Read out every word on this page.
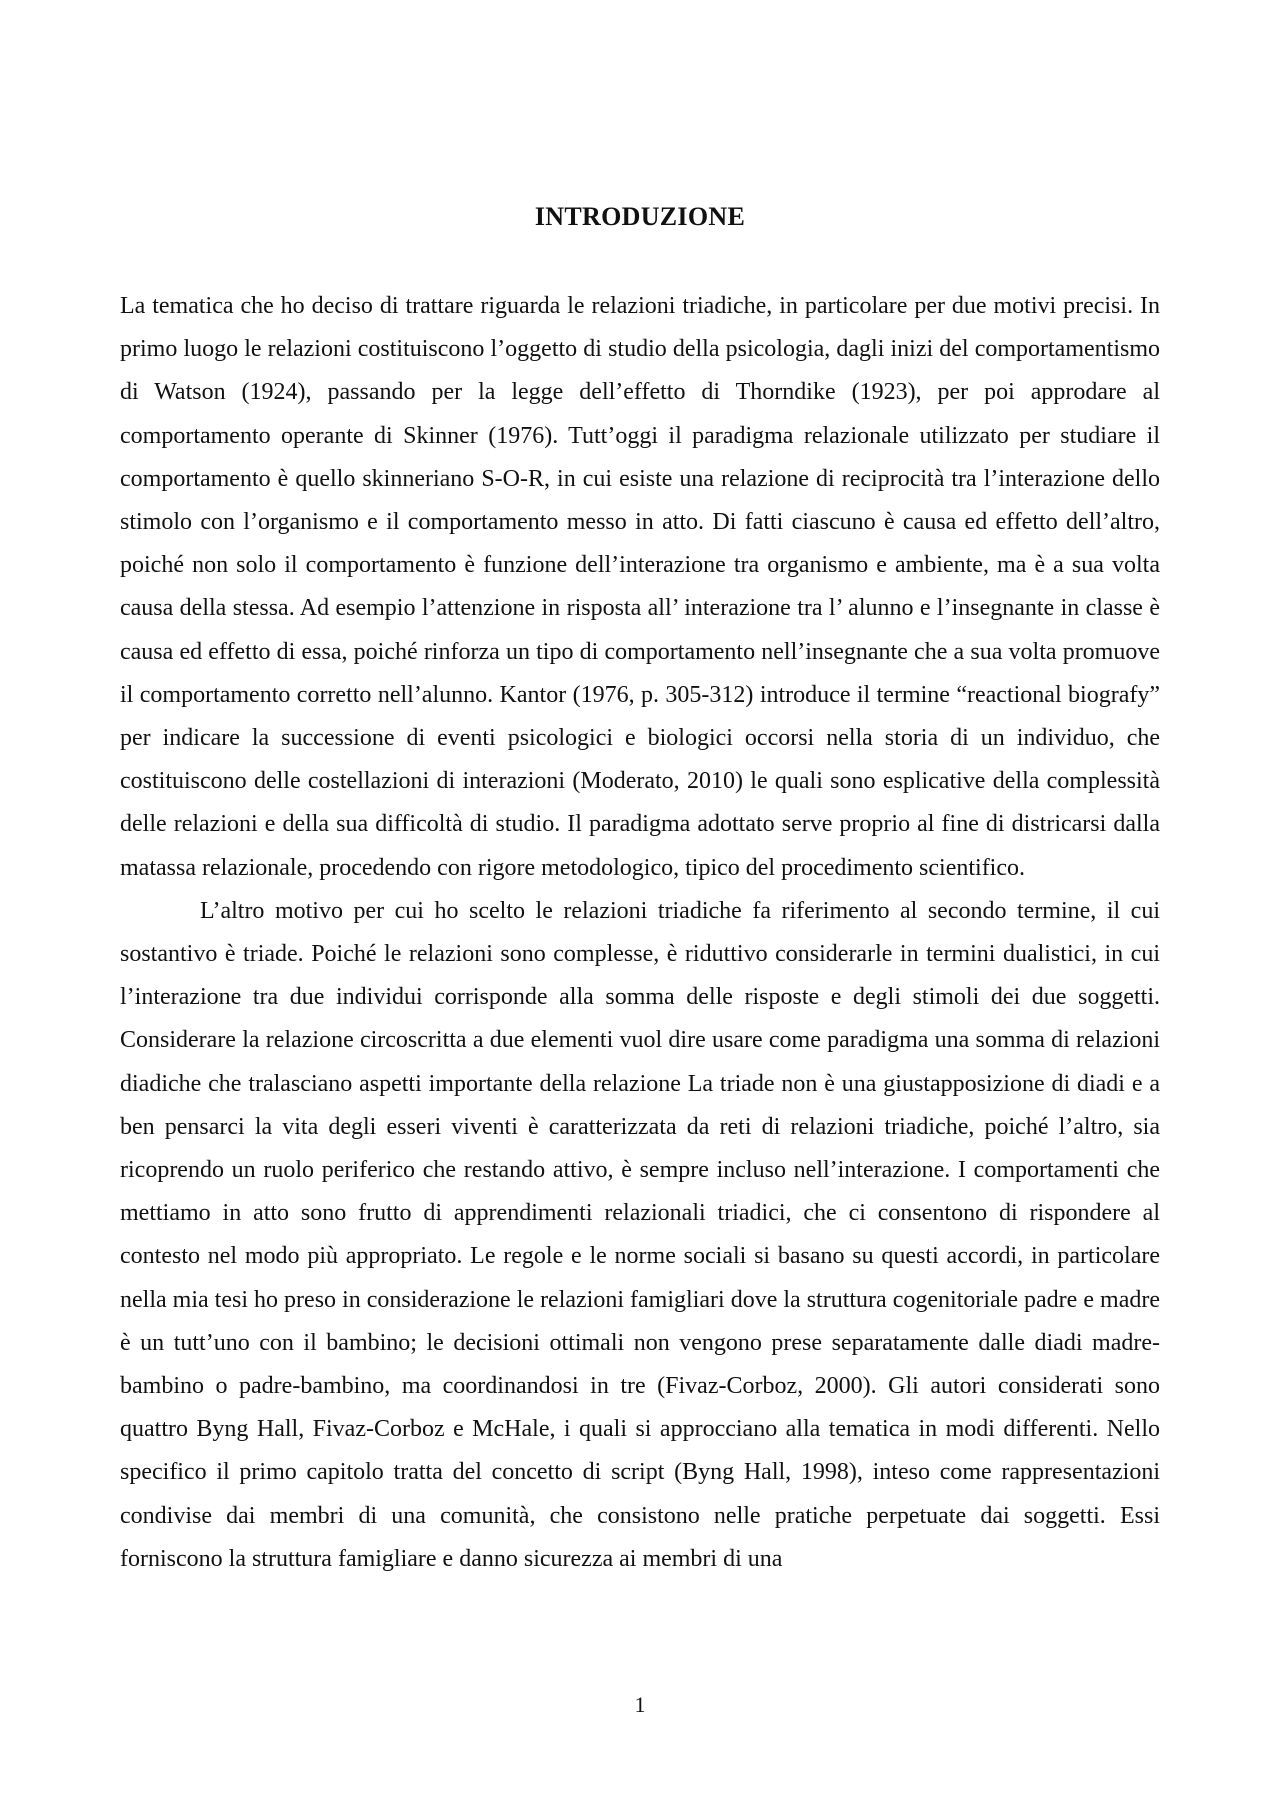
INTRODUZIONE

La tematica che ho deciso di trattare riguarda le relazioni triadiche, in particolare per due motivi precisi. In primo luogo le relazioni costituiscono l’oggetto di studio della psicologia, dagli inizi del comportamentismo di Watson (1924), passando per la legge dell’effetto di Thorndike (1923), per poi approdare al comportamento operante di Skinner (1976). Tutt’oggi il paradigma relazionale utilizzato per studiare il comportamento è quello skinneriano S-O-R, in cui esiste una relazione di reciprocità tra l’interazione dello stimolo con l’organismo e il comportamento messo in atto. Di fatti ciascuno è causa ed effetto dell’altro, poiché non solo il comportamento è funzione dell’interazione tra organismo e ambiente, ma è a sua volta causa della stessa. Ad esempio l’attenzione in risposta all’ interazione tra l’ alunno e l’insegnante in classe è causa ed effetto di essa, poiché rinforza un tipo di comportamento nell’insegnante che a sua volta promuove il comportamento corretto nell’alunno. Kantor (1976, p. 305-312) introduce il termine “reactional biografy” per indicare la successione di eventi psicologici e biologici occorsi nella storia di un individuo, che costituiscono delle costellazioni di interazioni (Moderato, 2010) le quali sono esplicative della complessità delle relazioni e della sua difficoltà di studio. Il paradigma adottato serve proprio al fine di districarsi dalla matassa relazionale, procedendo con rigore metodologico, tipico del procedimento scientifico.

L’altro motivo per cui ho scelto le relazioni triadiche fa riferimento al secondo termine, il cui sostantivo è triade. Poiché le relazioni sono complesse, è riduttivo considerarle in termini dualistici, in cui l’interazione tra due individui corrisponde alla somma delle risposte e degli stimoli dei due soggetti. Considerare la relazione circoscritta a due elementi vuol dire usare come paradigma una somma di relazioni diadiche che tralasciano aspetti importante della relazione La triade non è una giustapposizione di diadi e a ben pensarci la vita degli esseri viventi è caratterizzata da reti di relazioni triadiche, poiché l’altro, sia ricoprendo un ruolo periferico che restando attivo, è sempre incluso nell’interazione. I comportamenti che mettiamo in atto sono frutto di apprendimenti relazionali triadici, che ci consentono di rispondere al contesto nel modo più appropriato. Le regole e le norme sociali si basano su questi accordi, in particolare nella mia tesi ho preso in considerazione le relazioni famigliari dove la struttura cogenitoriale padre e madre è un tutt’uno con il bambino; le decisioni ottimali non vengono prese separatamente dalle diadi madre-bambino o padre-bambino, ma coordinandosi in tre (Fivaz-Corboz, 2000). Gli autori considerati sono quattro Byng Hall, Fivaz-Corboz e McHale, i quali si approcciano alla tematica in modi differenti. Nello specifico il primo capitolo tratta del concetto di script (Byng Hall, 1998), inteso come rappresentazioni condivise dai membri di una comunità, che consistono nelle pratiche perpetuate dai soggetti. Essi forniscono la struttura famigliare e danno sicurezza ai membri di una

1
